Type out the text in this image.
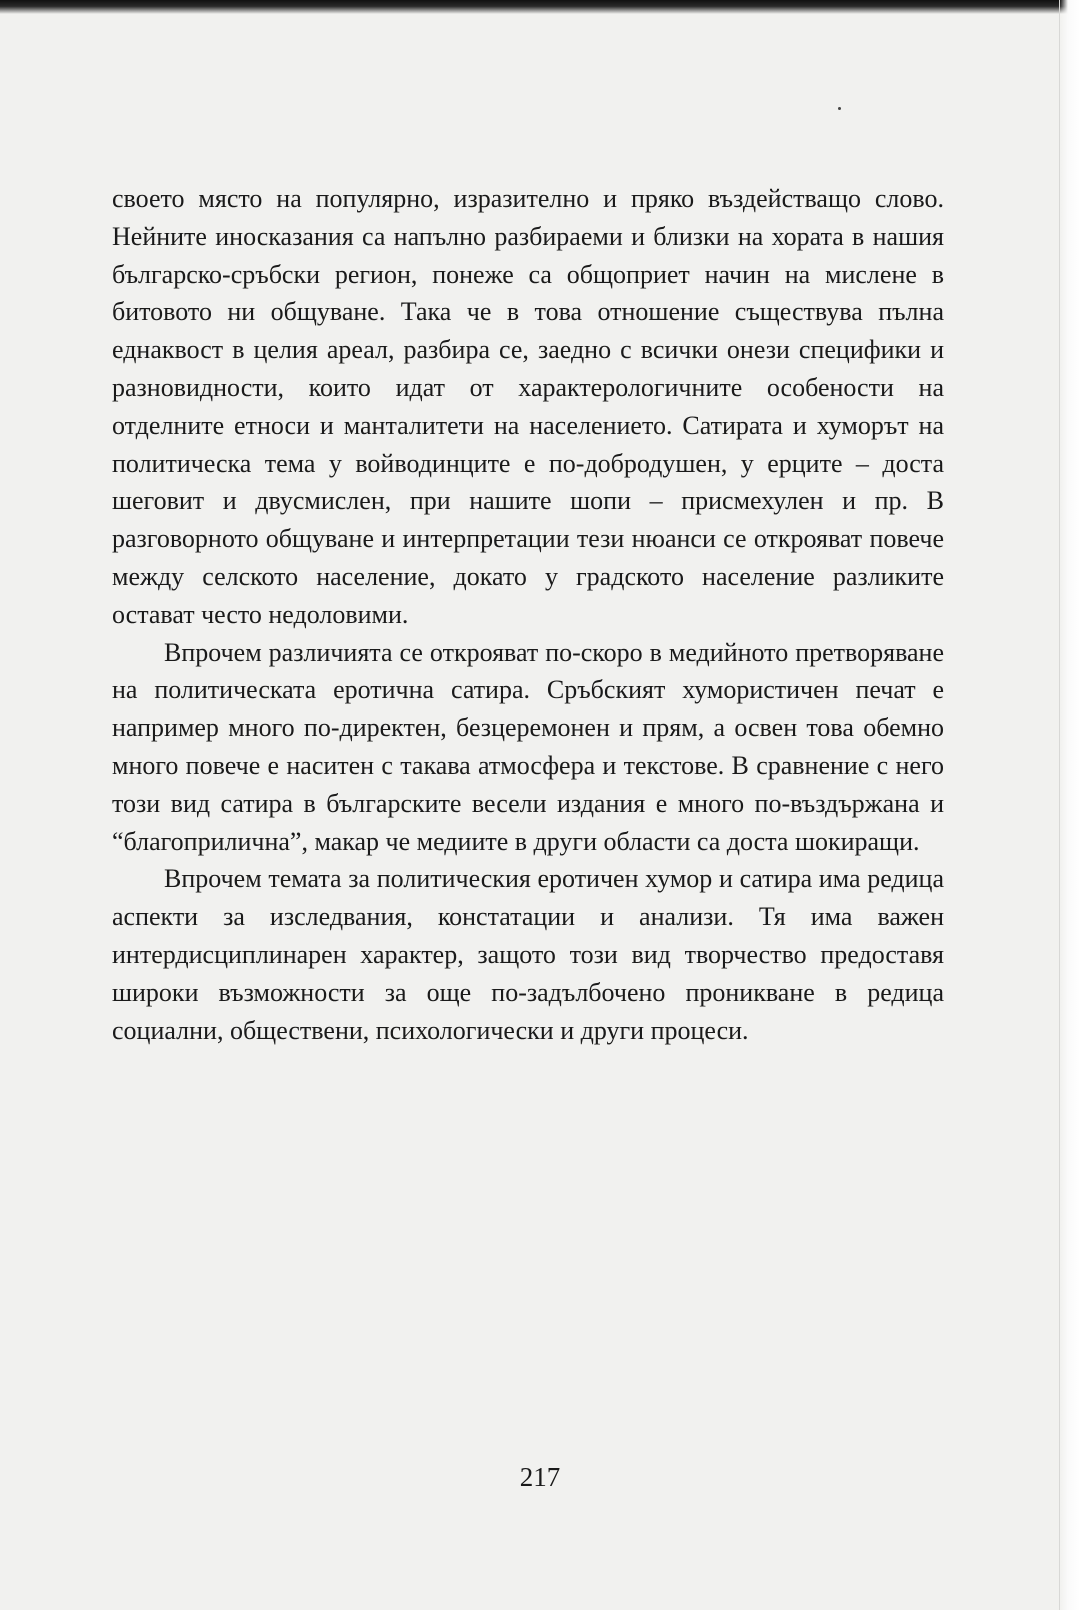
своето място на популярно, изразително и пряко въздействащо слово. Нейните иносказания са напълно разбираеми и близки на хората в нашия българско-сръбски регион, понеже са общоприет начин на мислене в битовото ни общуване. Така че в това отношение съществува пълна еднаквост в целия ареал, разбира се, заедно с всички онези специфики и разновидности, които идат от характерологичните особености на отделните етноси и манталитети на населението. Сатирата и хуморът на политическа тема у войводинците е по-добродушен, у ерците – доста шеговит и двусмислен, при нашите шопи – присмехулен и пр. В разговорното общуване и интерпретации тези нюанси се открояват повече между селското население, докато у градското население разликите остават често недоловими.

Впрочем различията се открояват по-скоро в медийното претворяване на политическата еротична сатира. Сръбският хумористичен печат е например много по-директен, безцеремонен и прям, а освен това обемно много повече е наситен с такава атмосфера и текстове. В сравнение с него този вид сатира в българските весели издания е много по-въздържана и “благоприлична”, макар че медиите в други области са доста шокиращи.

Впрочем темата за политическия еротичен хумор и сатира има редица аспекти за изследвания, констатации и анализи. Тя има важен интердисциплинарен характер, защото този вид творчество предоставя широки възможности за още по-задълбочено проникване в редица социални, обществени, психологически и други процеси.

217
